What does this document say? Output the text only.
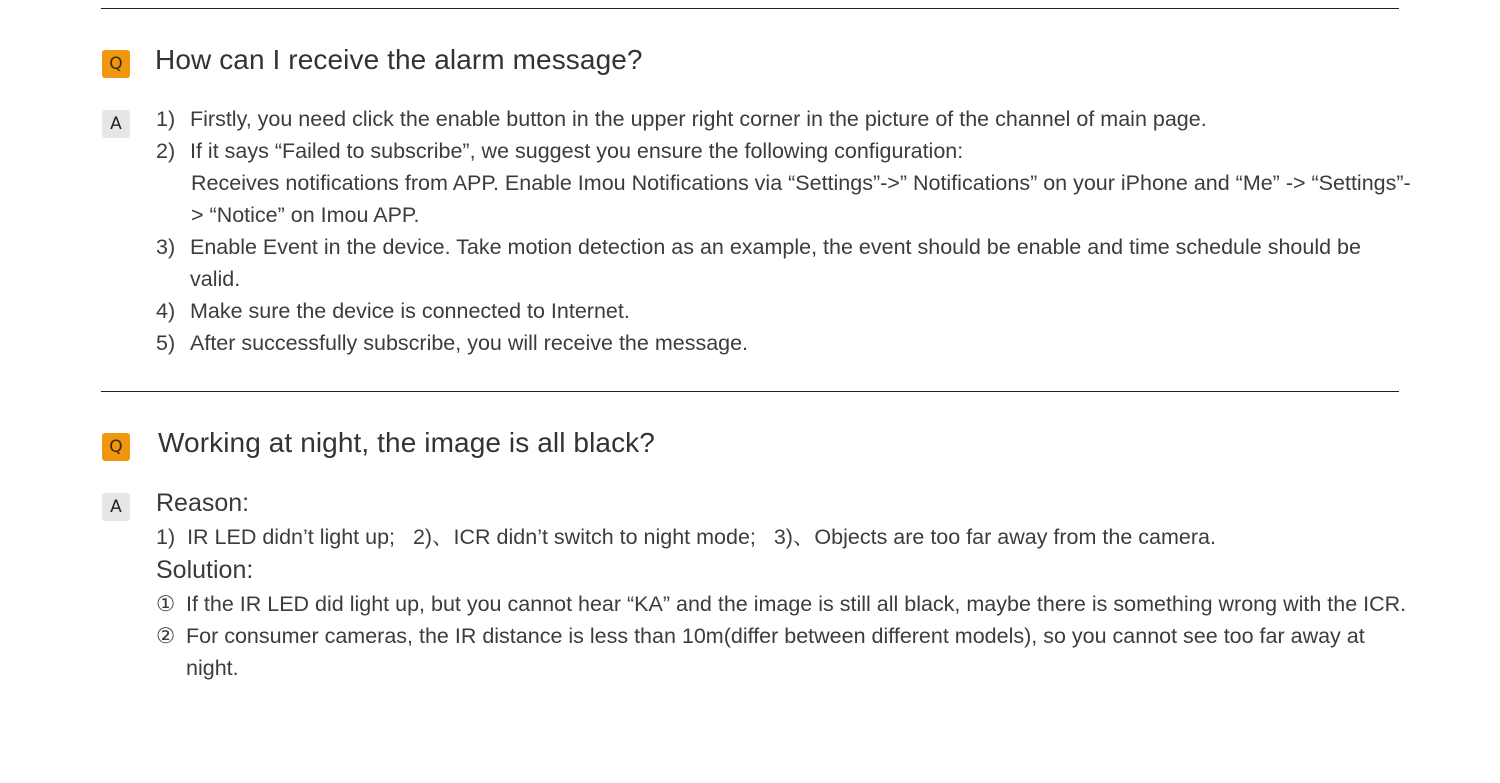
Q How can I receive the alarm message?
A	1) Firstly, you need click the enable button in the upper right corner in the picture of the channel of main page.
2) If it says “Failed to subscribe”, we suggest you ensure the following configuration:
Receives notifications from APP. Enable Imou Notifications via “Settings”->” Notifications” on your iPhone and “Me” -> “Settings”-> “Notice” on Imou APP.
3) Enable Event in the device. Take motion detection as an example, the event should be enable and time schedule should be valid.
4) Make sure the device is connected to Internet.
5) After successfully subscribe, you will receive the message.
Q Working at night, the image is all black?
A	Reason:
1)  IR LED didn’t light up; 2)、ICR didn’t switch to night mode; 3)、Objects are too far away from the camera.
Solution:
① If the IR LED did light up, but you cannot hear “KA” and the image is still all black, maybe there is something wrong with the ICR.
② For consumer cameras, the IR distance is less than 10m(differ between different models), so you cannot see too far away at night.
